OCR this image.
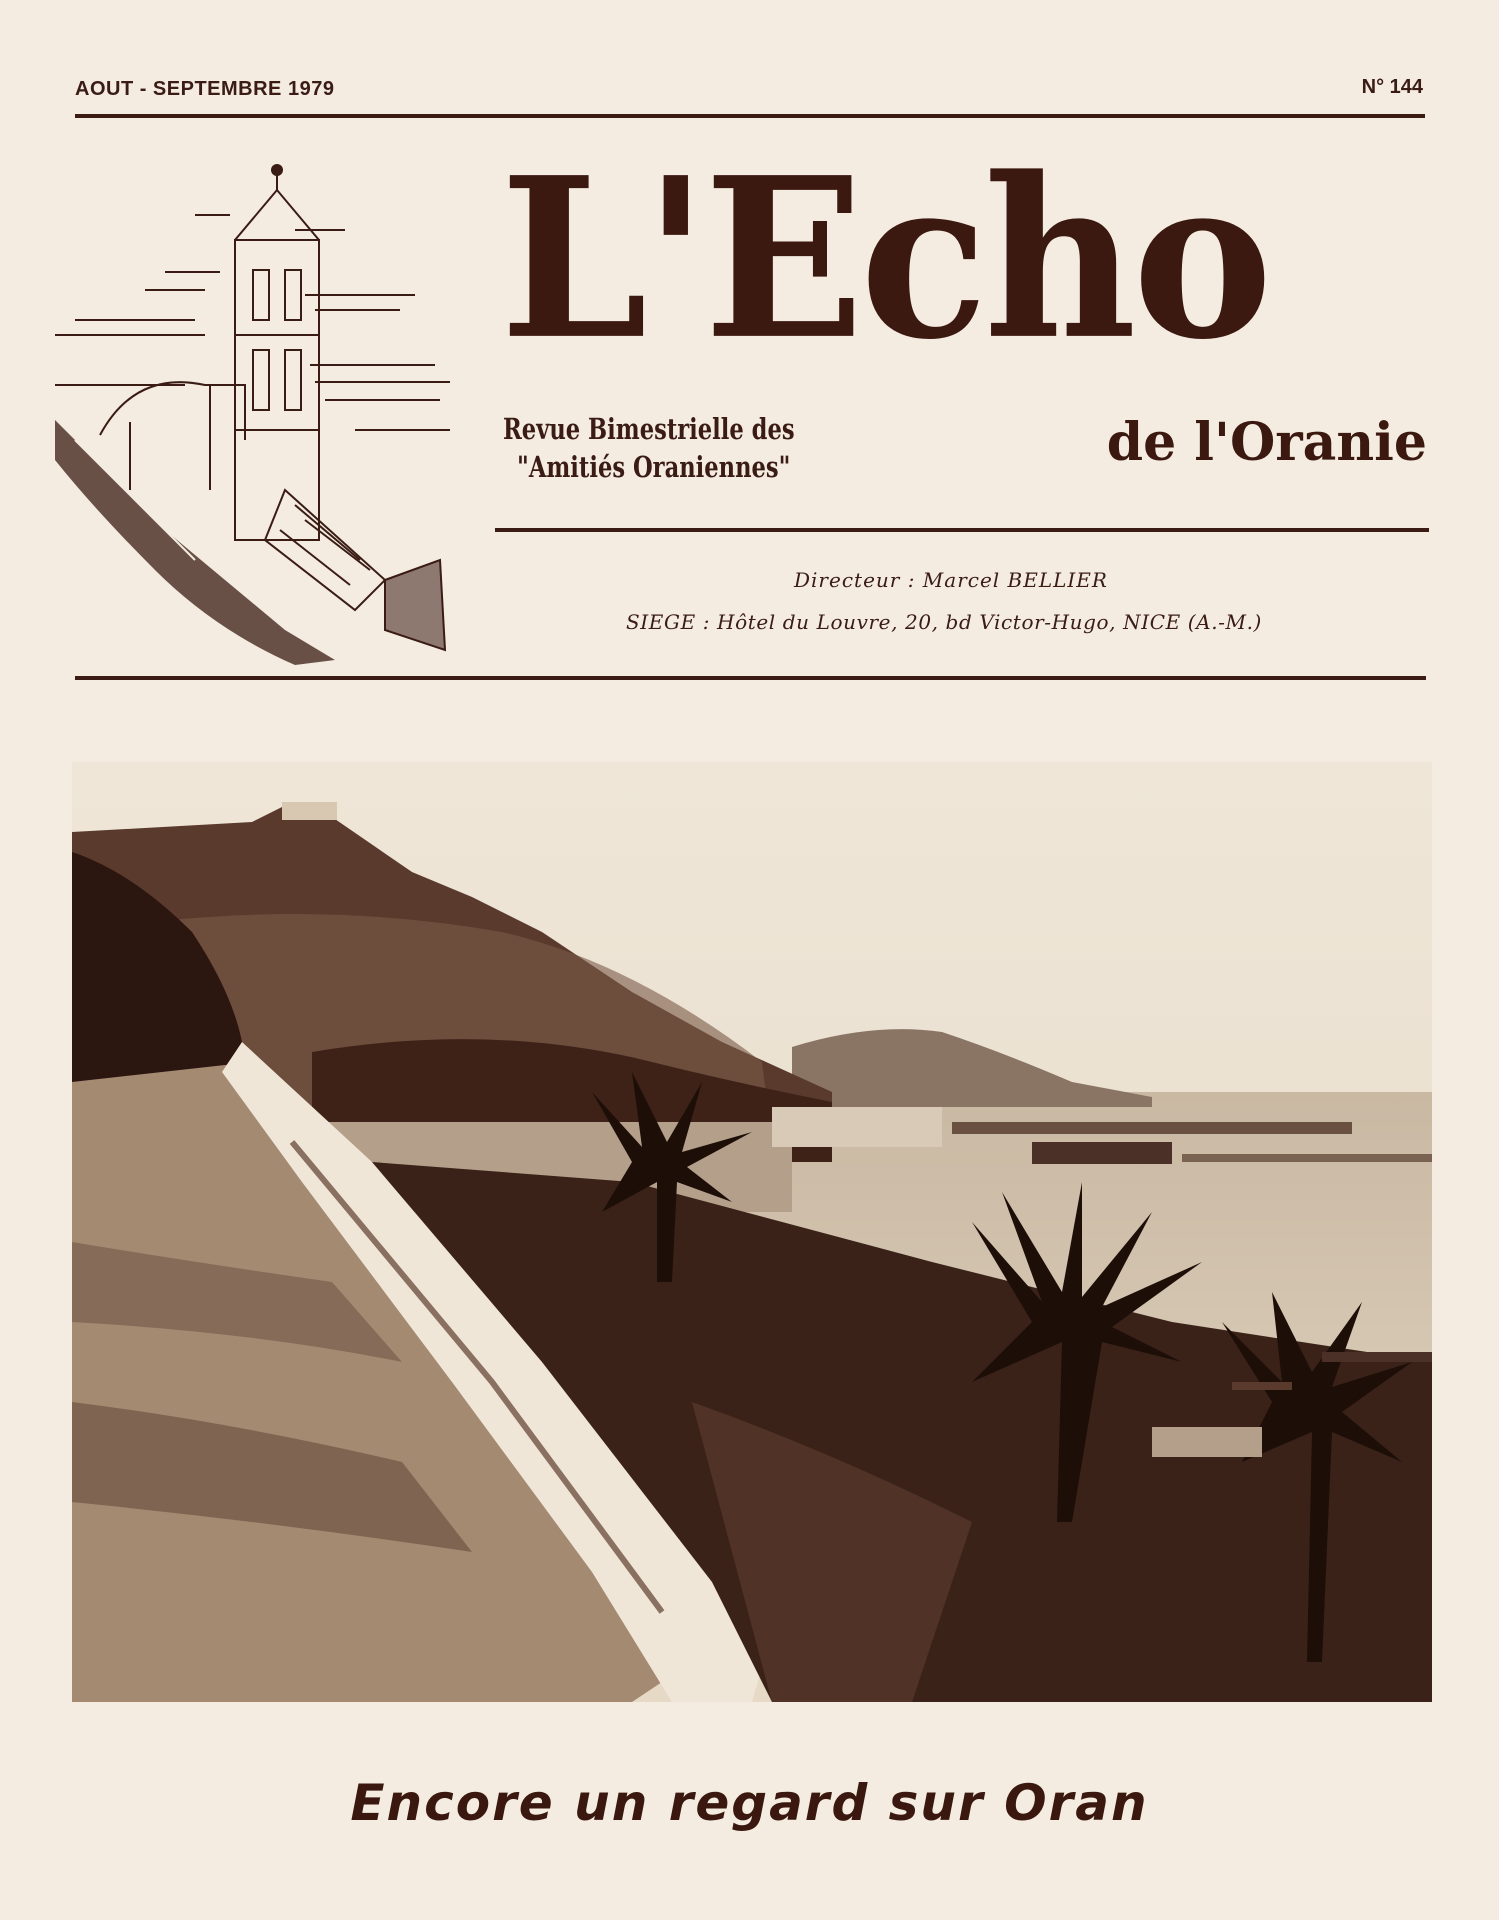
AOUT - SEPTEMBRE 1979	N° 144
L'Echo
Revue Bimestrielle des
"Amitiés Oraniennes"	de l'Oranie
Directeur : Marcel BELLIER
SIEGE : Hôtel du Louvre, 20, bd Victor-Hugo, NICE (A.-M.)
Encore un regard sur Oran
